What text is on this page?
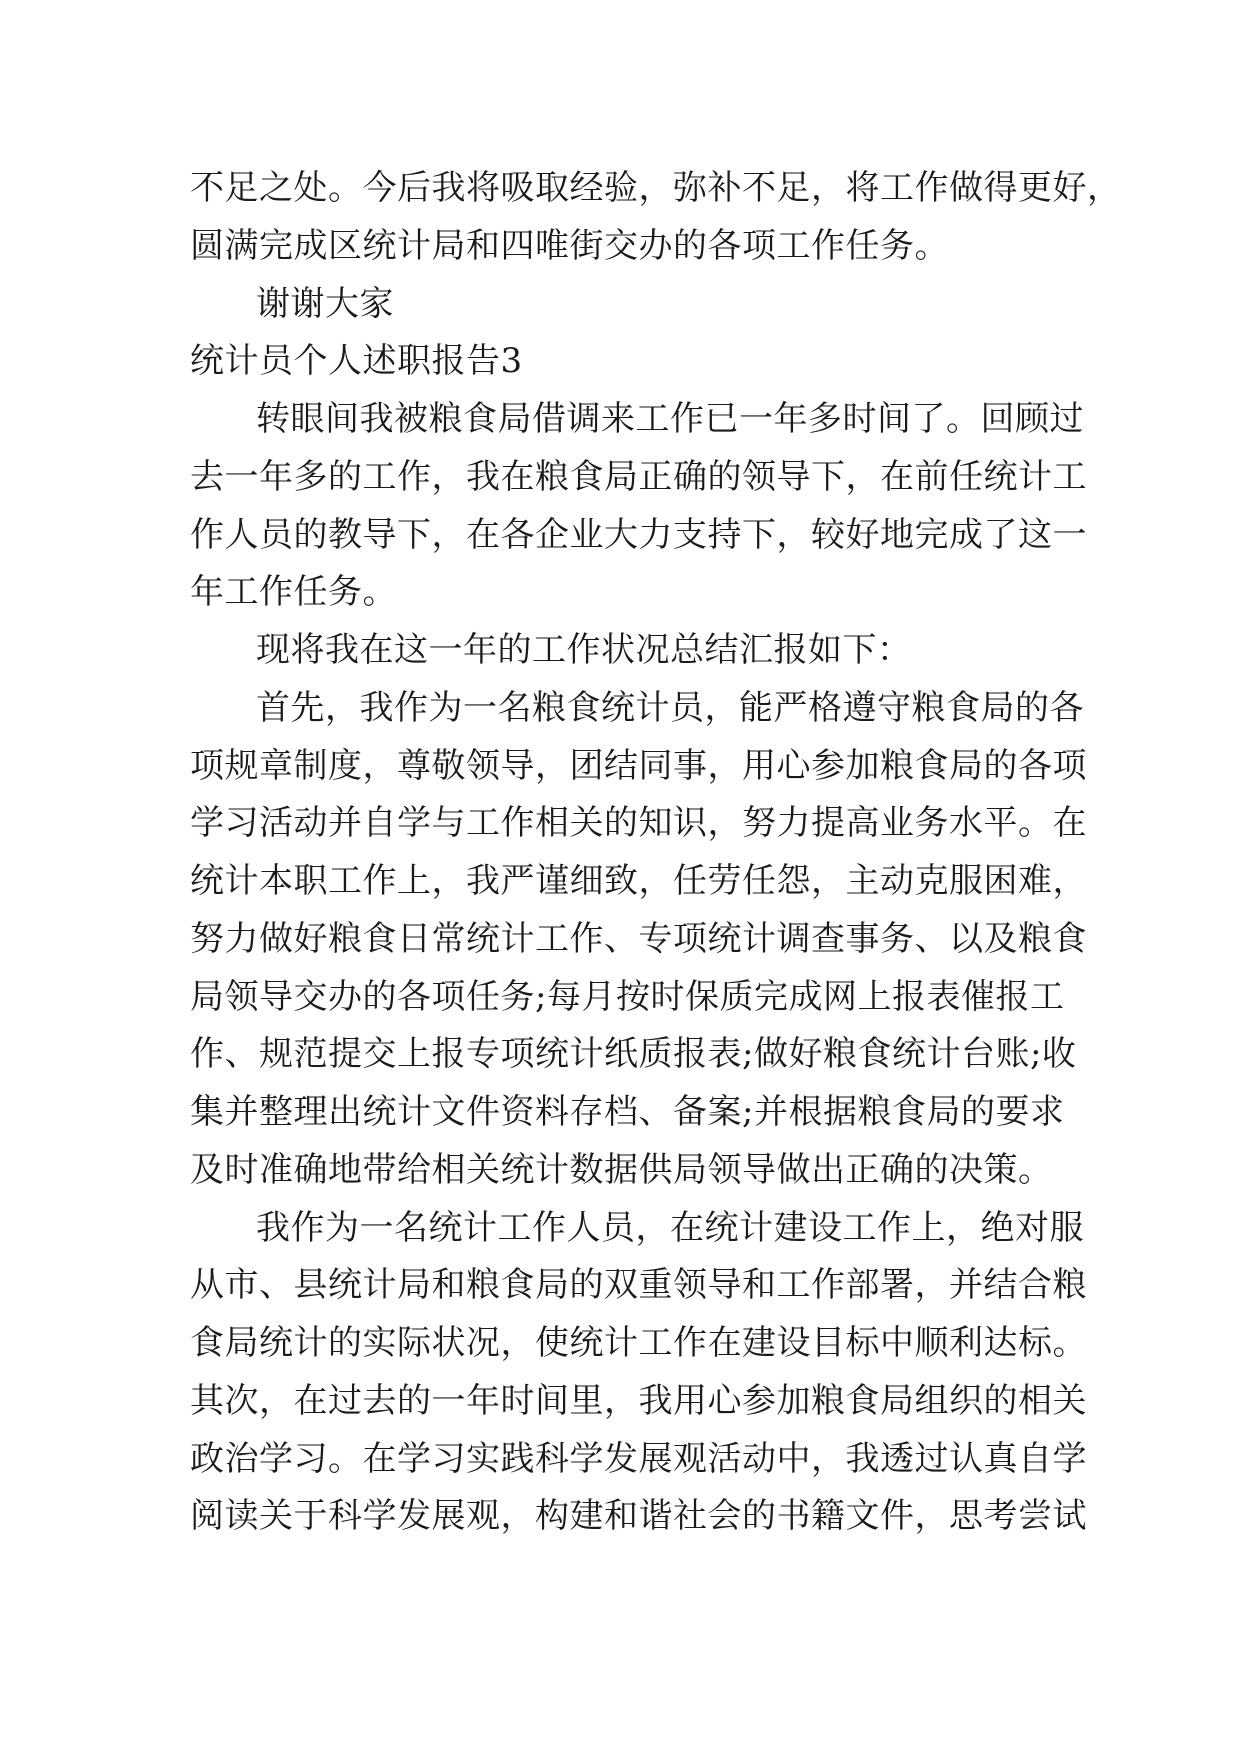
不足之处。今后我将吸取经验，弥补不足，将工作做得更好，
圆满完成区统计局和四唯街交办的各项工作任务。
谢谢大家
统计员个人述职报告3
转眼间我被粮食局借调来工作已一年多时间了。回顾过
去一年多的工作，我在粮食局正确的领导下，在前任统计工
作人员的教导下，在各企业大力支持下，较好地完成了这一
年工作任务。
现将我在这一年的工作状况总结汇报如下：
首先，我作为一名粮食统计员，能严格遵守粮食局的各
项规章制度，尊敬领导，团结同事，用心参加粮食局的各项
学习活动并自学与工作相关的知识，努力提高业务水平。在
统计本职工作上，我严谨细致，任劳任怨，主动克服困难，
努力做好粮食日常统计工作、专项统计调查事务、以及粮食
局领导交办的各项任务;每月按时保质完成网上报表催报工
作、规范提交上报专项统计纸质报表;做好粮食统计台账;收
集并整理出统计文件资料存档、备案;并根据粮食局的要求
及时准确地带给相关统计数据供局领导做出正确的决策。
我作为一名统计工作人员，在统计建设工作上，绝对服
从市、县统计局和粮食局的双重领导和工作部署，并结合粮
食局统计的实际状况，使统计工作在建设目标中顺利达标。
其次，在过去的一年时间里，我用心参加粮食局组织的相关
政治学习。在学习实践科学发展观活动中，我透过认真自学
阅读关于科学发展观，构建和谐社会的书籍文件，思考尝试
